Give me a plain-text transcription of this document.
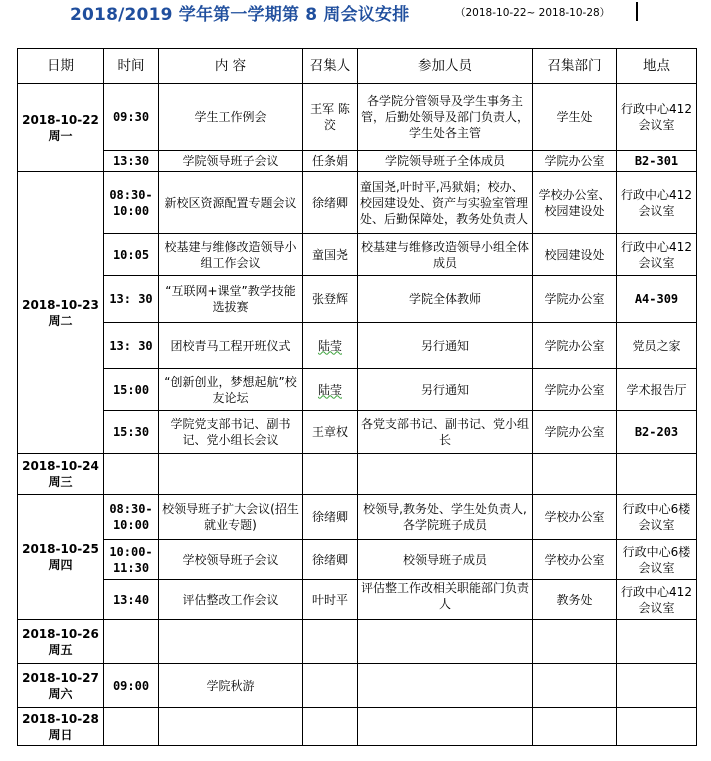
2018/2019 学年第一学期第 8 周会议安排	（2018-10-22~ 2018-10-28）
日期	时间	内 容	召集人	参加人员	召集部门	地点

2018-10-22
周一	09:30	学生工作例会	王军 陈洨	各学院分管领导及学生事务主管，后勤处领导及部门负责人，学生处各主管	学生处	行政中心412会议室
	13:30	学院领导班子会议	任条娟	学院领导班子全体成员	学院办公室	B2-301

2018-10-23
周二	08:30-10:00	新校区资源配置专题会议	徐绪卿	童国尧,叶时平,冯狱娟；校办、校园建设处、资产与实验室管理处、后勤保障处，教务处负责人	学校办公室、校园建设处	行政中心412会议室
	10:05	校基建与维修改造领导小组工作会议	童国尧	校基建与维修改造领导小组全体成员	校园建设处	行政中心412会议室
	13: 30	“互联网+课堂”教学技能选拔赛	张登辉	学院全体教师	学院办公室	A4-309
	13: 30	团校青马工程开班仪式	陆莹	另行通知	学院办公室	党员之家
	15:00	“创新创业，梦想起航”校友论坛	陆莹	另行通知	学院办公室	学术报告厅
	15:30	学院党支部书记、副书记、党小组长会议	王章权	各党支部书记、副书记、党小组长	学院办公室	B2-203

2018-10-24
周三						

2018-10-25
周四	08:30-10:00	校领导班子扩大会议(招生就业专题)	徐绪卿	校领导,教务处、学生处负责人,各学院班子成员	学校办公室	行政中心6楼会议室
	10:00-11:30	学校领导班子会议	徐绪卿	校领导班子成员	学校办公室	行政中心6楼会议室
	13:40	评估整改工作会议	叶时平	评估整工作改相关职能部门负责人	教务处	行政中心412会议室

2018-10-26
周五						

2018-10-27
周六	09:00	学院秋游				

2018-10-28
周日						
